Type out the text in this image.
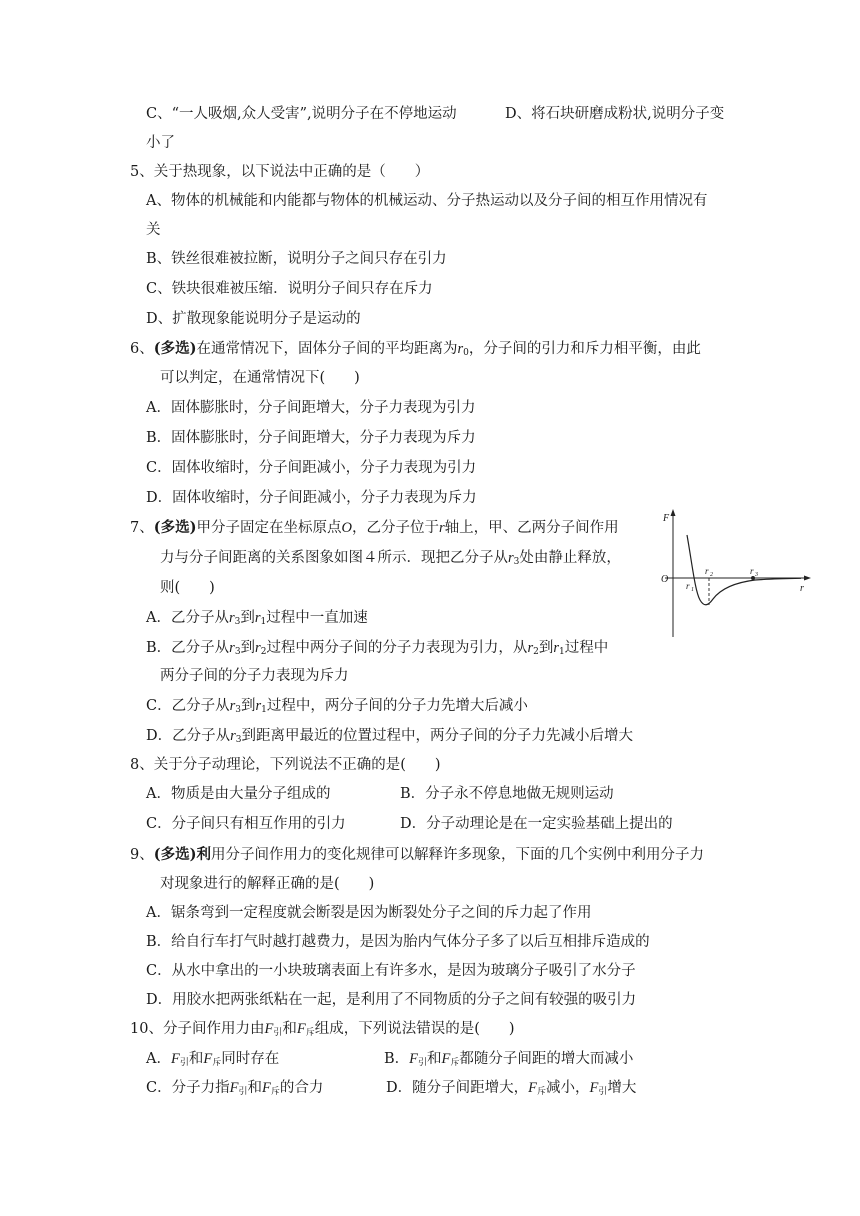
C、“一人吸烟,众人受害”,说明分子在不停地运动	D、将石块研磨成粉状,说明分子变
小了
5、关于热现象，以下说法中正确的是（　　）
A、物体的机械能和内能都与物体的机械运动、分子热运动以及分子间的相互作用情况有
关
B、铁丝很难被拉断，说明分子之间只存在引力
C、铁块很难被压缩．说明分子间只存在斥力
D、扩散现象能说明分子是运动的
6、(多选)在通常情况下，固体分子间的平均距离为$r_0$，分子间的引力和斥力相平衡，由此
可以判定，在通常情况下(　　)
A．固体膨胀时，分子间距增大，分子力表现为引力
B．固体膨胀时，分子间距增大，分子力表现为斥力
C．固体收缩时，分子间距减小，分子力表现为引力
D．固体收缩时，分子间距减小，分子力表现为斥力
7、(多选)甲分子固定在坐标原点O，乙分子位于r轴上，甲、乙两分子间作用
力与分子间距离的关系图象如图４所示．现把乙分子从$r_3$处由静止释放，
则(　　)
A．乙分子从$r_3$到$r_1$过程中一直加速
B．乙分子从$r_3$到$r_2$过程中两分子间的分子力表现为引力，从$r_2$到$r_1$过程中
两分子间的分子力表现为斥力
C．乙分子从$r_3$到$r_1$过程中，两分子间的分子力先增大后减小
D．乙分子从$r_3$到距离甲最近的位置过程中，两分子间的分子力先减小后增大
F
O
r
r 1
r 2	r 3
8、关于分子动理论，下列说法不正确的是(　　)
A．物质是由大量分子组成的	B．分子永不停息地做无规则运动
C．分子间只有相互作用的引力	D．分子动理论是在一定实验基础上提出的
9、(多选)利用分子间作用力的变化规律可以解释许多现象，下面的几个实例中利用分子力
对现象进行的解释正确的是(　　)
A．锯条弯到一定程度就会断裂是因为断裂处分子之间的斥力起了作用
B．给自行车打气时越打越费力，是因为胎内气体分子多了以后互相排斥造成的
C．从水中拿出的一小块玻璃表面上有许多水，是因为玻璃分子吸引了水分子
D．用胶水把两张纸粘在一起，是利用了不同物质的分子之间有较强的吸引力
10、分子间作用力由$F_引$和$F_斥$组成，下列说法错误的是(　　)
A．$F_引$和$F_斥$同时存在	B．$F_引$和$F_斥$都随分子间距的增大而减小
C．分子力指$F_引$和$F_斥$的合力	D．随分子间距增大，$F_斥$减小，$F_引$增大
